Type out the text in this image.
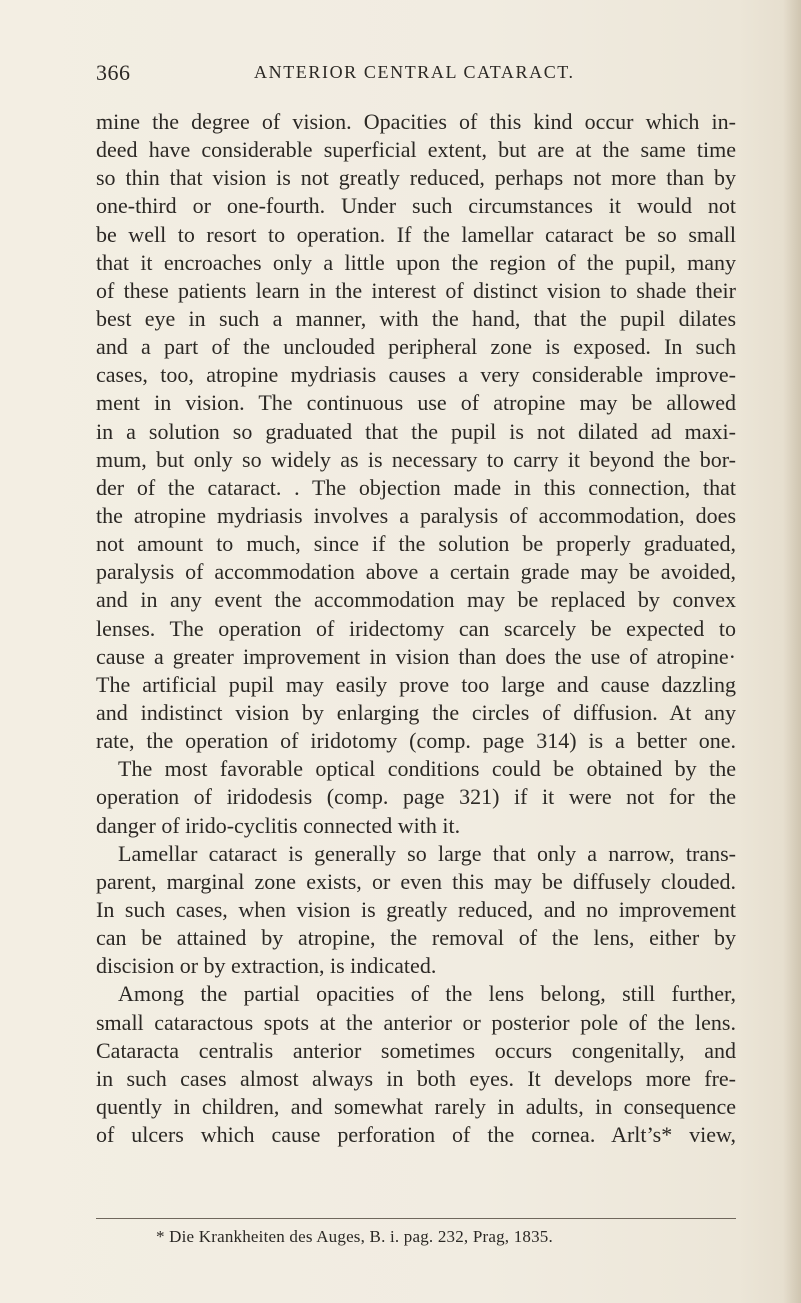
366	ANTERIOR CENTRAL CATARACT.
mine the degree of vision. Opacities of this kind occur which in-
deed have considerable superficial extent, but are at the same time
so thin that vision is not greatly reduced, perhaps not more than by
one-third or one-fourth. Under such circumstances it would not
be well to resort to operation. If the lamellar cataract be so small
that it encroaches only a little upon the region of the pupil, many
of these patients learn in the interest of distinct vision to shade their
best eye in such a manner, with the hand, that the pupil dilates
and a part of the unclouded peripheral zone is exposed. In such
cases, too, atropine mydriasis causes a very considerable improve-
ment in vision. The continuous use of atropine may be allowed
in a solution so graduated that the pupil is not dilated ad maxi-
mum, but only so widely as is necessary to carry it beyond the bor-
der of the cataract. . The objection made in this connection, that
the atropine mydriasis involves a paralysis of accommodation, does
not amount to much, since if the solution be properly graduated,
paralysis of accommodation above a certain grade may be avoided,
and in any event the accommodation may be replaced by convex
lenses. The operation of iridectomy can scarcely be expected to
cause a greater improvement in vision than does the use of atropine·
The artificial pupil may easily prove too large and cause dazzling
and indistinct vision by enlarging the circles of diffusion. At any
rate, the operation of iridotomy (comp. page 314) is a better one.
The most favorable optical conditions could be obtained by the
operation of iridodesis (comp. page 321) if it were not for the
danger of irido-cyclitis connected with it.
Lamellar cataract is generally so large that only a narrow, trans-
parent, marginal zone exists, or even this may be diffusely clouded.
In such cases, when vision is greatly reduced, and no improvement
can be attained by atropine, the removal of the lens, either by
discision or by extraction, is indicated.
Among the partial opacities of the lens belong, still further,
small cataractous spots at the anterior or posterior pole of the lens.
Cataracta centralis anterior sometimes occurs congenitally, and
in such cases almost always in both eyes. It develops more fre-
quently in children, and somewhat rarely in adults, in consequence
of ulcers which cause perforation of the cornea. Arlt’s* view,
* Die Krankheiten des Auges, B. i. pag. 232, Prag, 1835.
